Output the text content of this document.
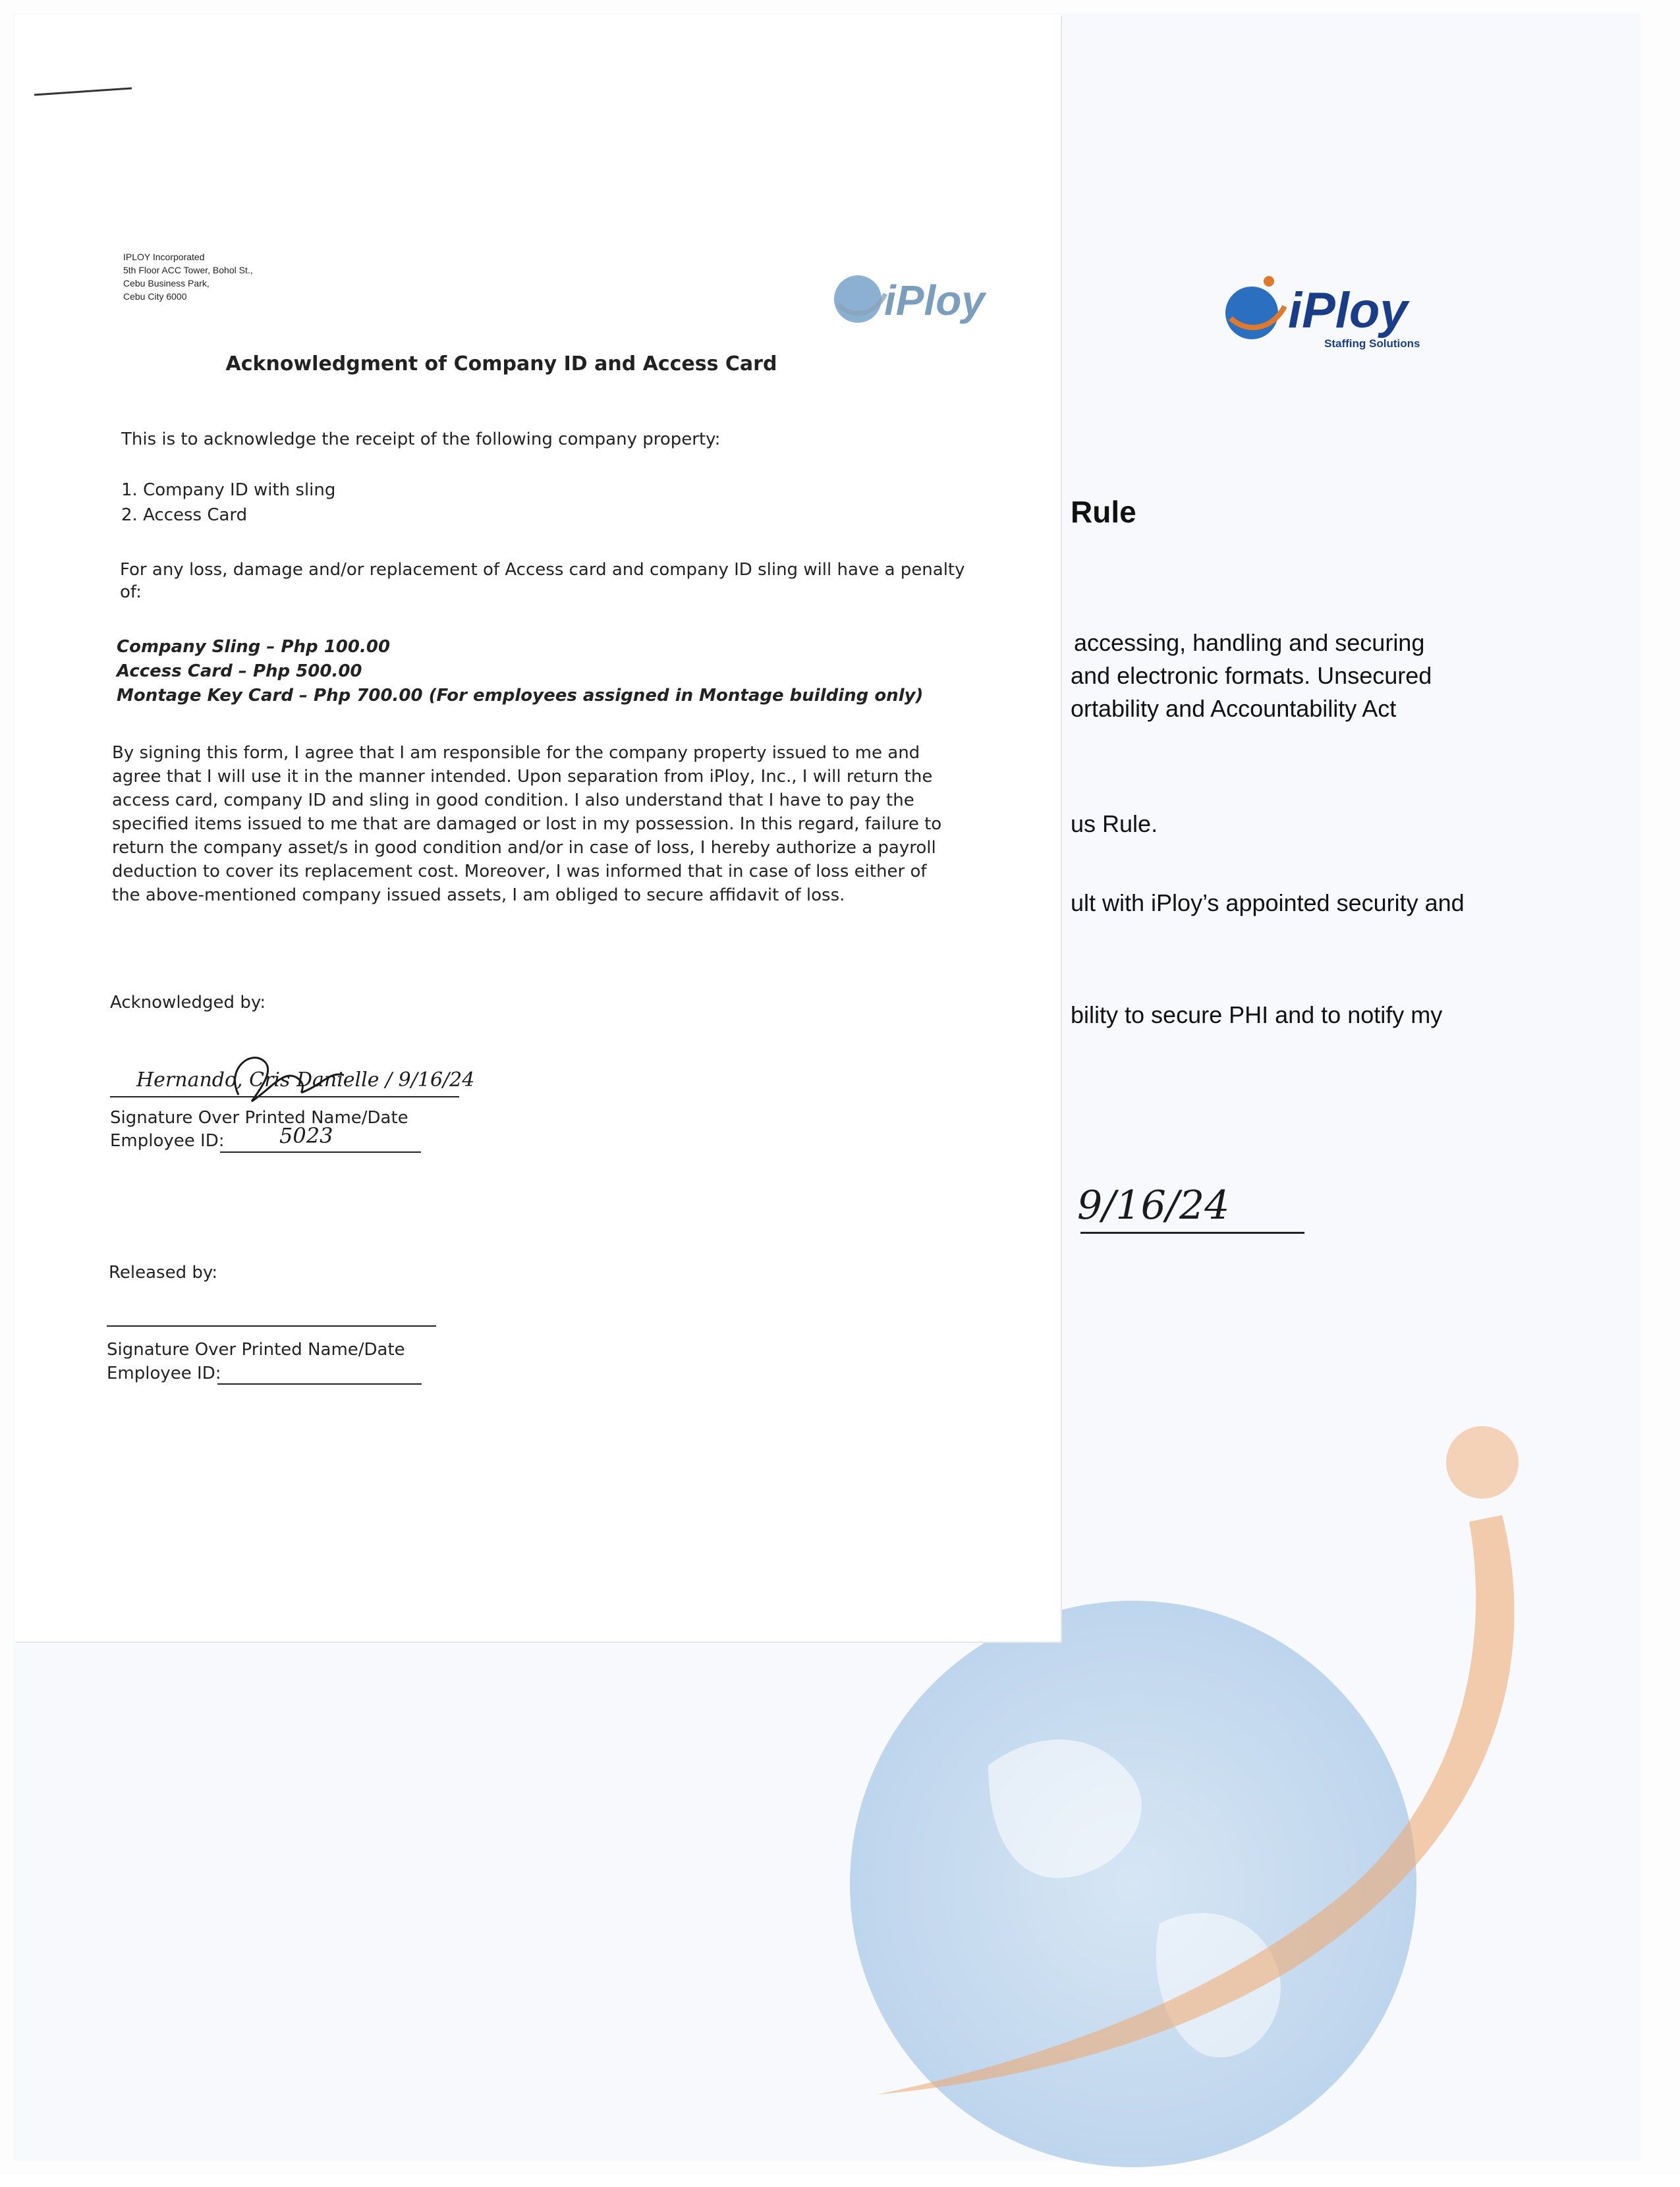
iPloy
Staffing Solutions
Rule
accessing, handling and securing
and electronic formats. Unsecured
ortability and Accountability Act
us Rule.
ult with iPloy’s appointed security and
bility to secure PHI and to notify my
9/16/24
IPLOY Incorporated
5th Floor ACC Tower, Bohol St.,
Cebu Business Park,
Cebu City 6000	iPloy
Acknowledgment of Company ID and Access Card
This is to acknowledge the receipt of the following company property:
1. Company ID with sling
2. Access Card
For any loss, damage and/or replacement of Access card and company ID sling will have a penalty
of:
Company Sling – Php 100.00
Access Card – Php 500.00
Montage Key Card – Php 700.00 (For employees assigned in Montage building only)
By signing this form, I agree that I am responsible for the company property issued to me and
agree that I will use it in the manner intended. Upon separation from iPloy, Inc., I will return the
access card, company ID and sling in good condition. I also understand that I have to pay the
specified items issued to me that are damaged or lost in my possession. In this regard, failure to
return the company asset/s in good condition and/or in case of loss, I hereby authorize a payroll
deduction to cover its replacement cost. Moreover, I was informed that in case of loss either of
the above-mentioned company issued assets, I am obliged to secure affidavit of loss.
Acknowledged by:
Hernando, Cris Danielle / 9/16/24
Signature Over Printed Name/Date
Employee ID:	5023
Released by:
Signature Over Printed Name/Date
Employee ID:
